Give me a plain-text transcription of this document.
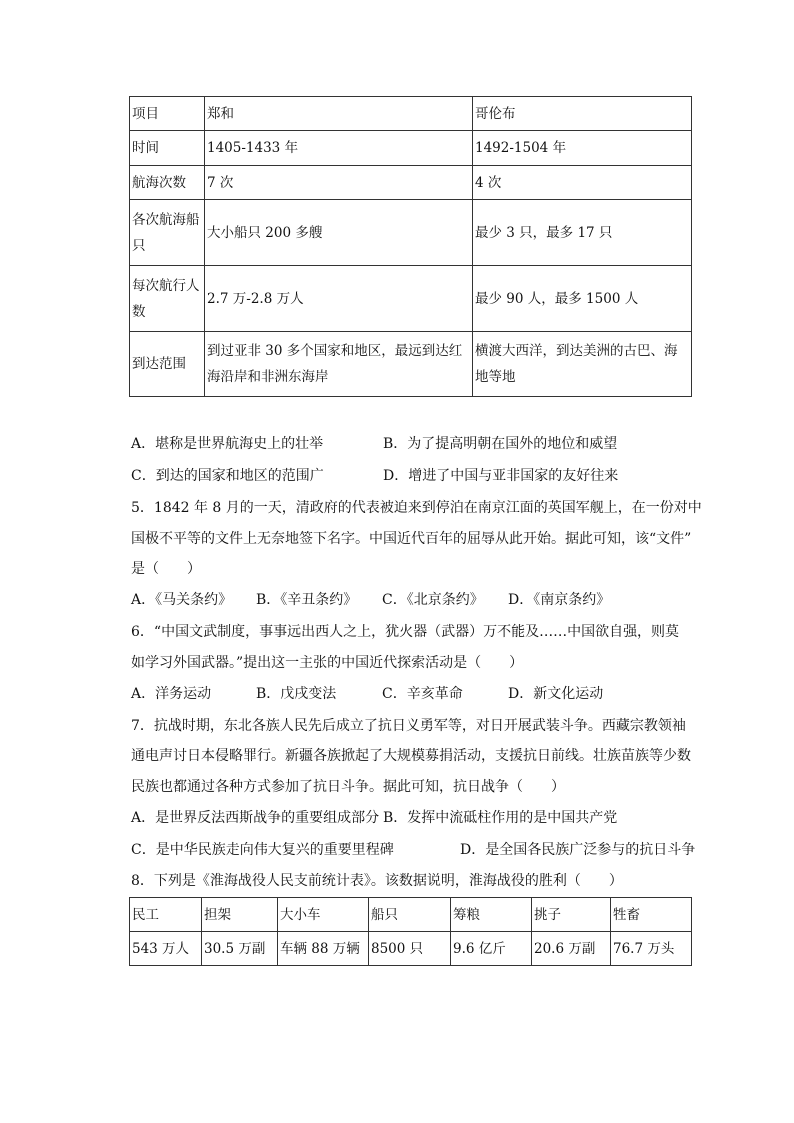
项目	郑和	哥伦布
时间	1405-1433 年	1492-1504 年
航海次数	7 次	4 次
各次航海船只	大小船只 200 多艘	最少 3 只，最多 17 只
每次航行人数	2.7 万-2.8 万人	最少 90 人，最多 1500 人
到达范围	到过亚非 30 多个国家和地区，最远到达红海沿岸和非洲东海岸	横渡大西洋，到达美洲的古巴、海地等地
A．堪称是世界航海史上的壮举	B．为了提高明朝在国外的地位和威望
C．到达的国家和地区的范围广	D．增进了中国与亚非国家的友好往来
5．1842 年 8 月的一天，清政府的代表被迫来到停泊在南京江面的英国军舰上，在一份对中
国极不平等的文件上无奈地签下名字。中国近代百年的屈辱从此开始。据此可知，该“文件”
是（　　）
A．《马关条约》 B．《辛丑条约》 C．《北京条约》 D．《南京条约》
6．“中国文武制度，事事远出西人之上，犹火器（武器）万不能及……中国欲自强，则莫
如学习外国武器。”提出这一主张的中国近代探索活动是（　　）
A．洋务运动	B．戊戌变法	C．辛亥革命	D．新文化运动
7．抗战时期，东北各族人民先后成立了抗日义勇军等，对日开展武装斗争。西藏宗教领袖
通电声讨日本侵略罪行。新疆各族掀起了大规模募捐活动，支援抗日前线。壮族苗族等少数
民族也都通过各种方式参加了抗日斗争。据此可知，抗日战争（　　）
A．是世界反法西斯战争的重要组成部分 B．发挥中流砥柱作用的是中国共产党
C．是中华民族走向伟大复兴的重要里程碑	D．是全国各民族广泛参与的抗日斗争
8．下列是《淮海战役人民支前统计表》。该数据说明，淮海战役的胜利（　　）
民工	担架	大小车	船只	筹粮	挑子	牲畜
543 万人	30.5 万副	车辆 88 万辆	8500 只	9.6 亿斤	20.6 万副	76.7 万头
